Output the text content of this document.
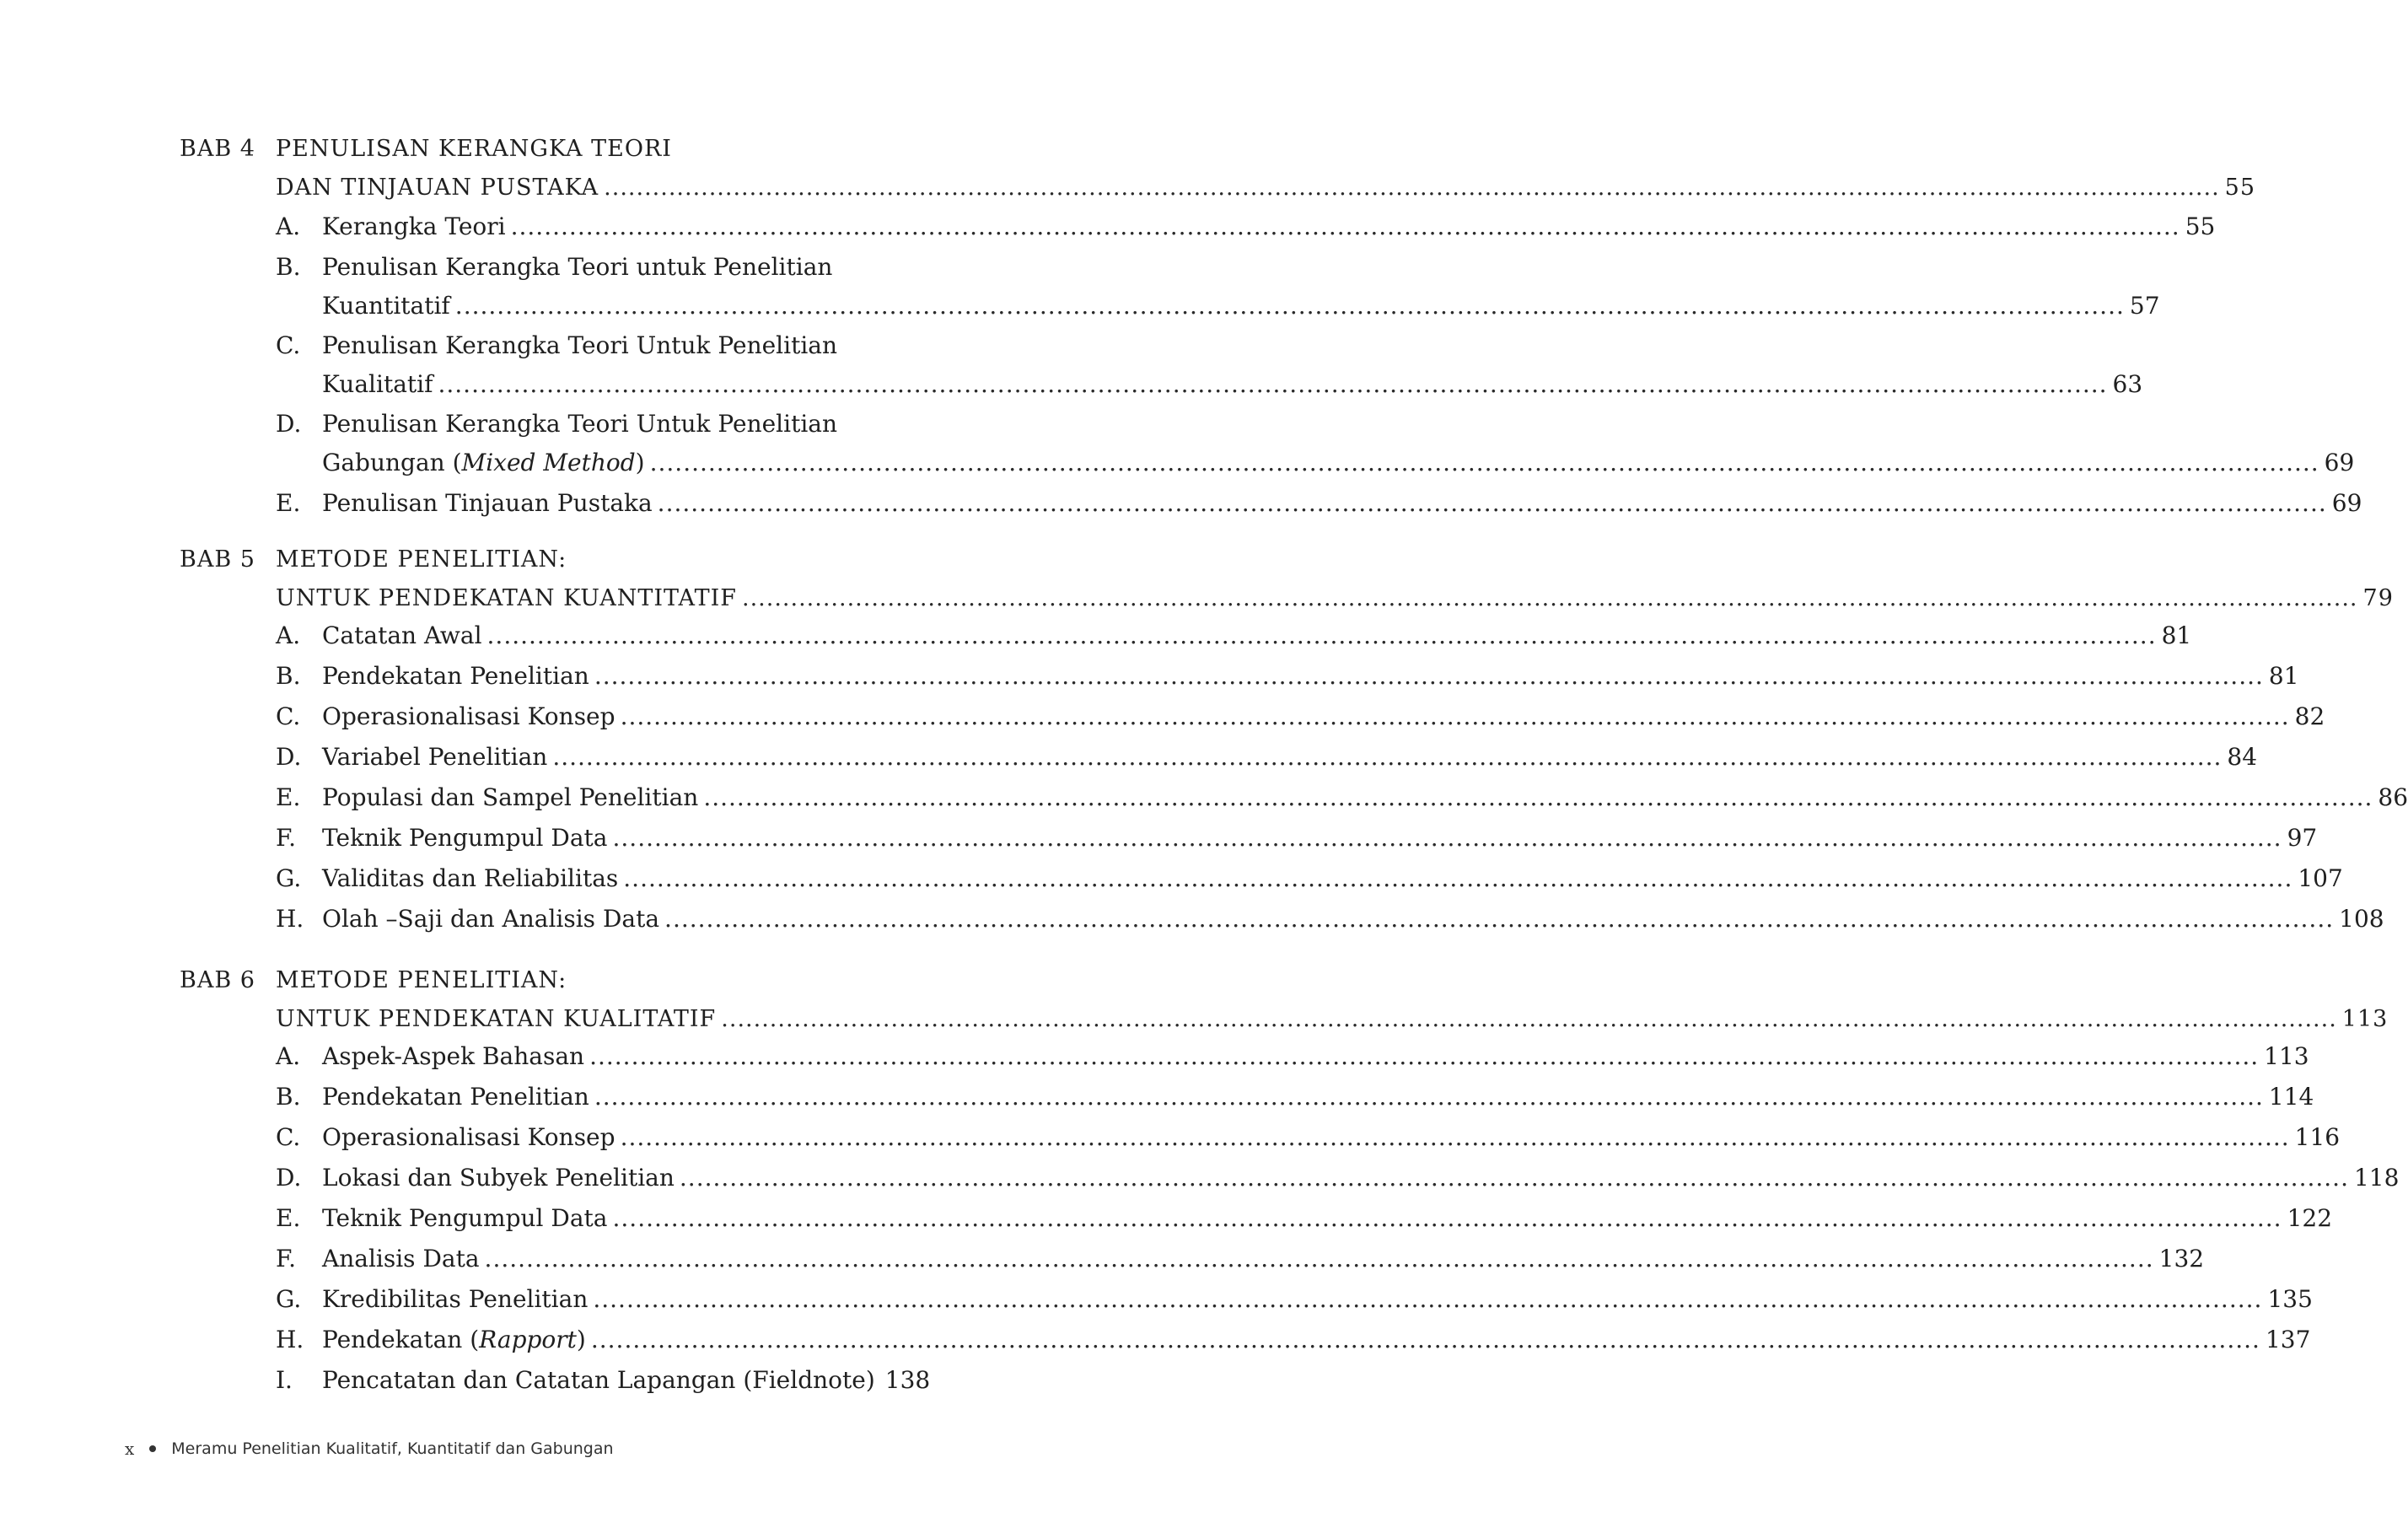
BAB 4 PENULISAN KERANGKA TEORI
DAN TINJAUAN PUSTAKA ........................................................................................................................................................................................................ 55
A. Kerangka Teori ........................................................................................................................................................................................................ 55
B. Penulisan Kerangka Teori untuk Penelitian
Kuantitatif ........................................................................................................................................................................................................ 57
C. Penulisan Kerangka Teori Untuk Penelitian
Kualitatif ........................................................................................................................................................................................................ 63
D. Penulisan Kerangka Teori Untuk Penelitian
Gabungan (Mixed Method) ........................................................................................................................................................................................................ 69
E. Penulisan Tinjauan Pustaka ........................................................................................................................................................................................................ 69
BAB 5 METODE PENELITIAN:
UNTUK PENDEKATAN KUANTITATIF ........................................................................................................................................................................................................ 79
A. Catatan Awal ........................................................................................................................................................................................................ 81
B. Pendekatan Penelitian ........................................................................................................................................................................................................ 81
C. Operasionalisasi Konsep ........................................................................................................................................................................................................ 82
D. Variabel Penelitian ........................................................................................................................................................................................................ 84
E. Populasi dan Sampel Penelitian ........................................................................................................................................................................................................ 86
F. Teknik Pengumpul Data ........................................................................................................................................................................................................ 97
G. Validitas dan Reliabilitas ........................................................................................................................................................................................................ 107
H. Olah –Saji dan Analisis Data ........................................................................................................................................................................................................ 108
BAB 6 METODE PENELITIAN:
UNTUK PENDEKATAN KUALITATIF ........................................................................................................................................................................................................ 113
A. Aspek-Aspek Bahasan ........................................................................................................................................................................................................ 113
B. Pendekatan Penelitian ........................................................................................................................................................................................................ 114
C. Operasionalisasi Konsep ........................................................................................................................................................................................................ 116
D. Lokasi dan Subyek Penelitian ........................................................................................................................................................................................................ 118
E. Teknik Pengumpul Data ........................................................................................................................................................................................................ 122
F. Analisis Data ........................................................................................................................................................................................................ 132
G. Kredibilitas Penelitian ........................................................................................................................................................................................................ 135
H. Pendekatan (Rapport) ........................................................................................................................................................................................................ 137
I. Pencatatan dan Catatan Lapangan (Fieldnote) 138
x Meramu Penelitian Kualitatif, Kuantitatif dan Gabungan
